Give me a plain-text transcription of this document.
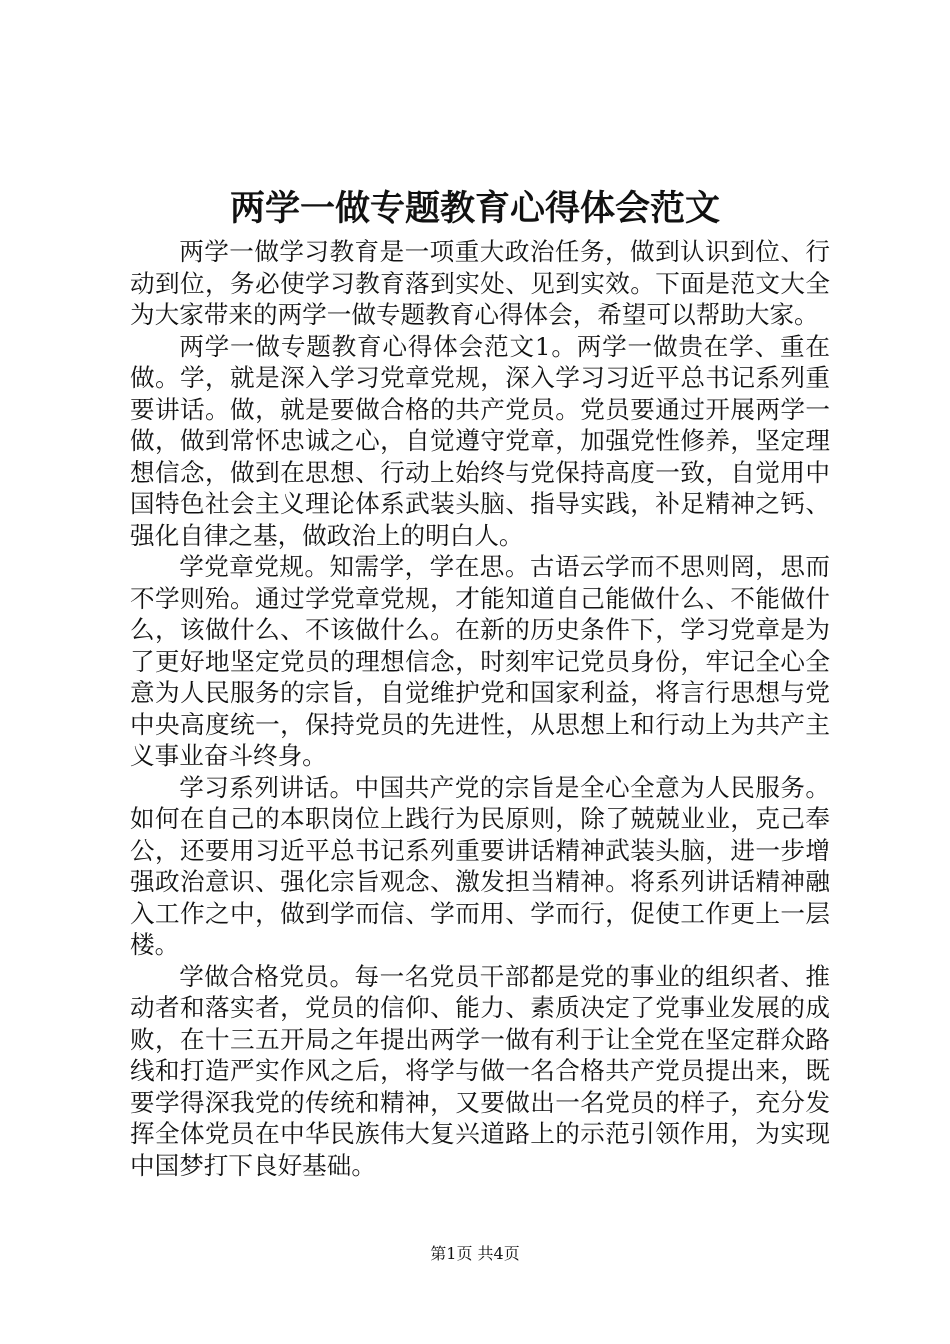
两学一做专题教育心得体会范文

两学一做学习教育是一项重大政治任务，做到认识到位、行动到位，务必使学习教育落到实处、见到实效。下面是范文大全为大家带来的两学一做专题教育心得体会，希望可以帮助大家。

两学一做专题教育心得体会范文1。两学一做贵在学、重在做。学，就是深入学习党章党规，深入学习习近平总书记系列重要讲话。做，就是要做合格的共产党员。党员要通过开展两学一做，做到常怀忠诚之心，自觉遵守党章，加强党性修养，坚定理想信念，做到在思想、行动上始终与党保持高度一致，自觉用中国特色社会主义理论体系武装头脑、指导实践，补足精神之钙、强化自律之基，做政治上的明白人。

学党章党规。知需学，学在思。古语云学而不思则罔，思而不学则殆。通过学党章党规，才能知道自己能做什么、不能做什么，该做什么、不该做什么。在新的历史条件下，学习党章是为了更好地坚定党员的理想信念，时刻牢记党员身份，牢记全心全意为人民服务的宗旨，自觉维护党和国家利益，将言行思想与党中央高度统一，保持党员的先进性，从思想上和行动上为共产主义事业奋斗终身。

学习系列讲话。中国共产党的宗旨是全心全意为人民服务。如何在自己的本职岗位上践行为民原则，除了兢兢业业，克己奉公，还要用习近平总书记系列重要讲话精神武装头脑，进一步增强政治意识、强化宗旨观念、激发担当精神。将系列讲话精神融入工作之中，做到学而信、学而用、学而行，促使工作更上一层楼。

学做合格党员。每一名党员干部都是党的事业的组织者、推动者和落实者，党员的信仰、能力、素质决定了党事业发展的成败，在十三五开局之年提出两学一做有利于让全党在坚定群众路线和打造严实作风之后，将学与做一名合格共产党员提出来，既要学得深我党的传统和精神，又要做出一名党员的样子，充分发挥全体党员在中华民族伟大复兴道路上的示范引领作用，为实现中国梦打下良好基础。

第1页 共4页
